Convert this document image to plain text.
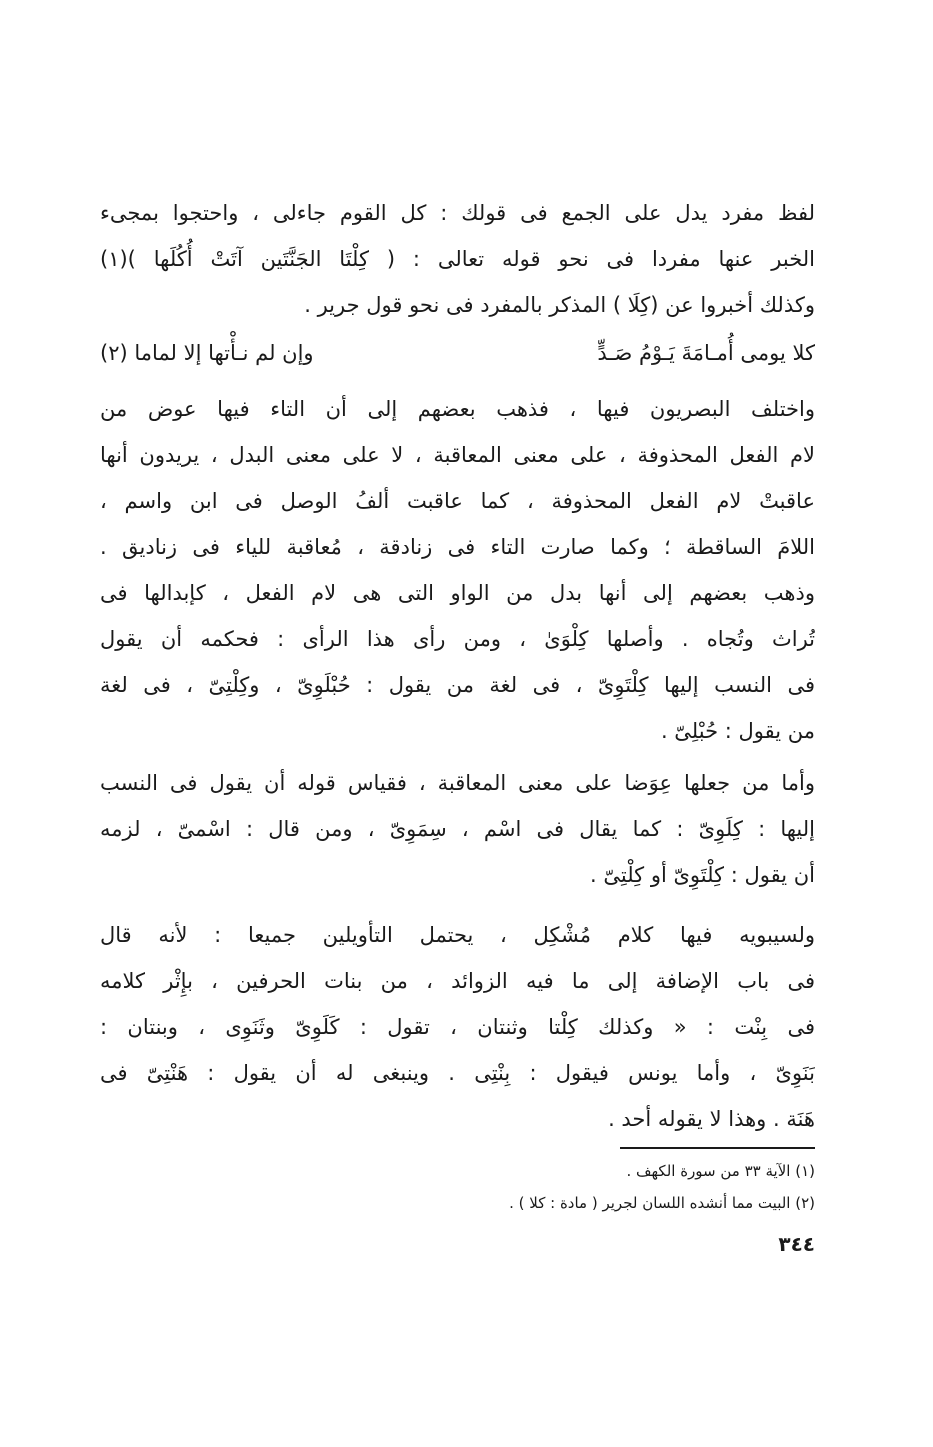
لفظ مفرد يدل على الجمع فى قولك : كل القوم جاءلى ، واحتجوا بمجىء
الخبر عنها مفردا فى نحو قوله تعالى : ( كِلْتَا الجَنَّتَين آتَتْ أُكُلَها )(١)
وكذلك أخبروا عن (كِلَا ) المذكر بالمفرد فى نحو قول جرير .
كلا يومى أُمـامَةَ يَـوْمُ صَـدٍّ
وإن لم نـأْتها إلا لماما (٢)
واختلف البصريون فيها ، فذهب بعضهم إلى أن التاء فيها عوض من
لام الفعل المحذوفة ، على معنى المعاقبة ، لا على معنى البدل ، يريدون أنها
عاقبتْ لام الفعل المحذوفة ، كما عاقبت ألفُ الوصل فى ابن واسم ،
اللامَ الساقطة ؛ وكما صارت التاء فى زنادقة ، مُعاقبة للياء فى زناديق .
وذهب بعضهم إلى أنها بدل من الواو التى هى لام الفعل ، كإبدالها فى
تُراث وتُجاه . وأصلها كِلْوَىٰ ، ومن رأى هذا الرأى : فحكمه أن يقول
فى النسب إليها كِلْتَوِىّ ، فى لغة من يقول : حُبْلَوِىّ ، وكِلْتِىّ ، فى لغة
من يقول : حُبْلِىّ .
وأما من جعلها عِوَضا على معنى المعاقبة ، فقياس قوله أن يقول فى النسب
إليها : كِلَوِىّ : كما يقال فى اسْم ، سِمَوِىّ ، ومن قال : اسْمىّ ، لزمه
أن يقول : كِلْتَوِىّ أو كِلْتِىّ .
ولسيبويه فيها كلام مُشْكِل ، يحتمل التأويلين جميعا : لأنه قال
فى باب الإضافة إلى ما فيه الزوائد ، من بنات الحرفين ، بإِثْر كلامه
فى بِنْت : « وكذلك كِلْتا وثنتان ، تقول : كَلَوِىّ وثَنَوِى ، وبنتان :
بَنَوِىّ ، وأما يونس فيقول : بِنْتِى . وينبغى له أن يقول : هَنْتِىّ فى
هَنَة . وهذا لا يقوله أحد .
(١) الآية ٣٣ من سورة الكهف .
(٢) البيت مما أنشده اللسان لجرير ( مادة : كلا ) .
٣٤٤
